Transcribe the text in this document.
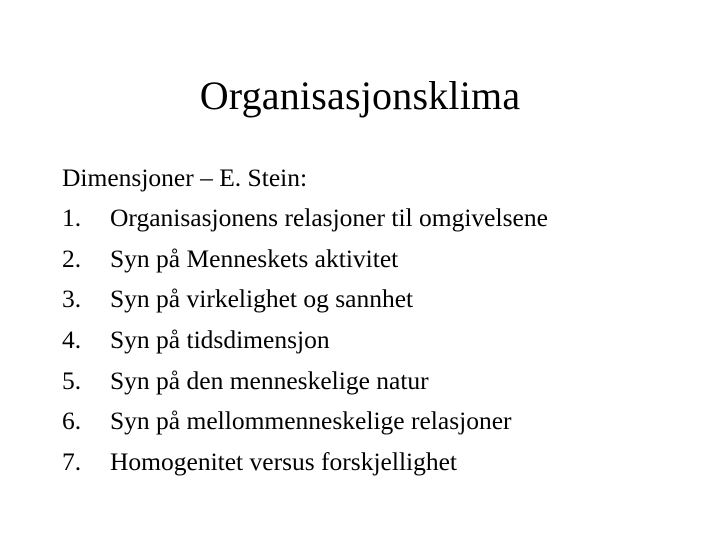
Organisasjonsklima
Dimensjoner – E. Stein:
1.	Organisasjonens relasjoner til omgivelsene
2.	Syn på Menneskets aktivitet
3.	Syn på virkelighet og sannhet
4.	Syn på tidsdimensjon
5.	Syn på den menneskelige natur
6.	Syn på mellommenneskelige relasjoner
7.	Homogenitet versus forskjellighet
